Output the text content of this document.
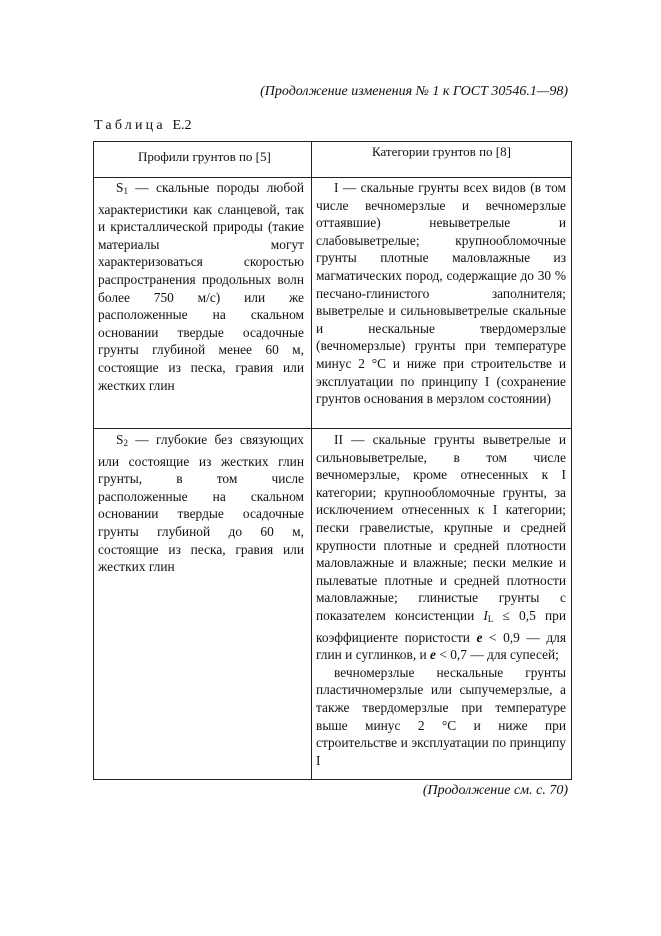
(Продолжение изменения № 1 к ГОСТ 30546.1—98)
Таблица Е.2
Профили грунтов по [5]	Категории грунтов по [8]

$S_1$ — скальные породы любой характеристики как сланцевой, так и кристаллической природы (такие материалы могут характеризоваться скоростью распространения продольных волн более 750 м/с) или же расположенные на скальном основании твердые осадочные грунты глубиной менее 60 м, состоящие из песка, гравия или жестких глин

I — скальные грунты всех видов (в том числе вечномерзлые и вечномерзлые оттаявшие) невыветрелые и слабовыветрелые; крупнообломочные грунты плотные маловлажные из магматических пород, содержащие до 30 % песчано-глинистого заполнителя; выветрелые и сильновыветрелые скальные и нескальные твердомерзлые (вечномерзлые) грунты при температуре минус 2 °С и ниже при строительстве и эксплуатации по принципу I (сохранение грунтов основания в мерзлом состоянии)

$S_2$ — глубокие без связующих или состоящие из жестких глин грунты, в том числе расположенные на скальном основании твердые осадочные грунты глубиной до 60 м, состоящие из песка, гравия или жестких глин

II — скальные грунты выветрелые и сильновыветрелые, в том числе вечномерзлые, кроме отнесенных к I категории; крупнообломочные грунты, за исключением отнесенных к I категории; пески гравелистые, крупные и средней крупности плотные и средней плотности маловлажные и влажные; пески мелкие и пылеватые плотные и средней плотности маловлажные; глинистые грунты с показателем консистенции $I_L \le 0,5$ при коэффициенте пористости е < 0,9 — для глин и суглинков, и е < 0,7 — для супесей;

вечномерзлые нескальные грунты пластичномерзлые или сыпучемерзлые, а также твердомерзлые при температуре выше минус 2 °С и ниже при строительстве и эксплуатации по принципу I

(Продолжение см. с. 70)
